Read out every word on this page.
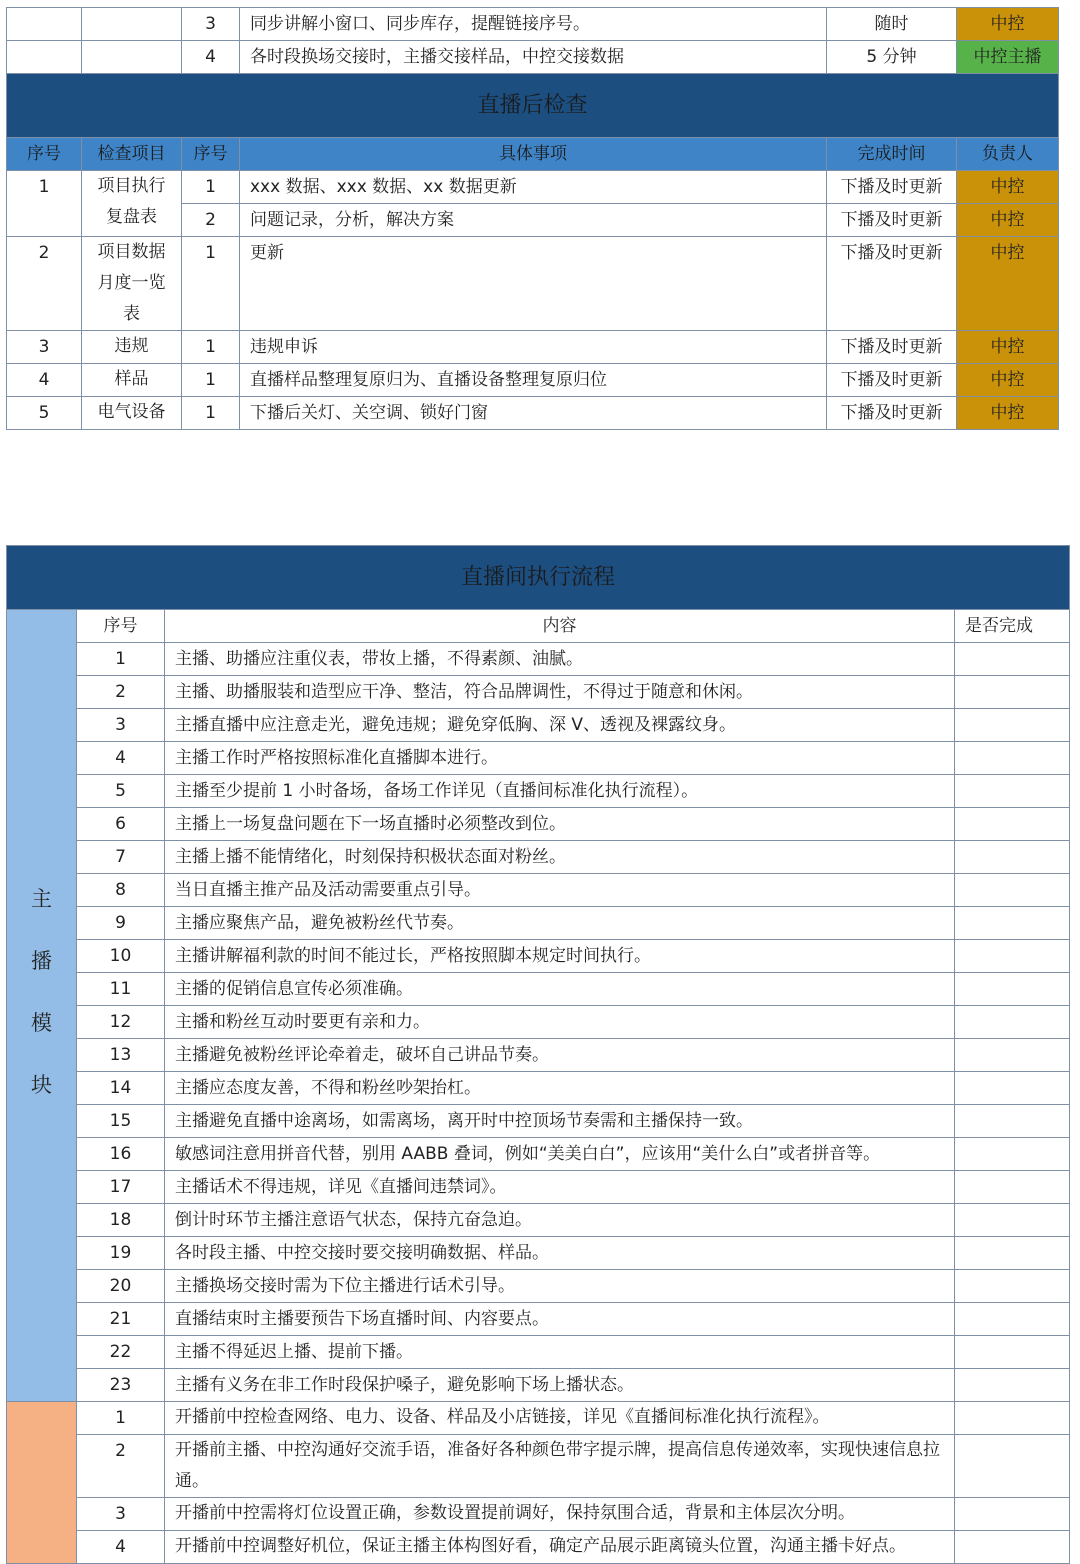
		3	同步讲解小窗口、同步库存，提醒链接序号。	随时	中控
		4	各时段换场交接时，主播交接样品，中控交接数据	5 分钟	中控主播
直播后检查					
序号	检查项目	序号	具体事项	完成时间	负责人
1	项目执行复盘表	1	xxx 数据、xxx 数据、xx 数据更新	下播及时更新	中控
		2	问题记录，分析，解决方案	下播及时更新	中控
2	项目数据月度一览表	1	更新	下播及时更新	中控
3	违规	1	违规申诉	下播及时更新	中控
4	样品	1	直播样品整理复原归为、直播设备整理复原归位	下播及时更新	中控
5	电气设备	1	下播后关灯、关空调、锁好门窗	下播及时更新	中控
直播间执行流程			

主
播
模
块	序号	内容	是否完成
	1	主播、助播应注重仪表，带妆上播，不得素颜、油腻。	
	2	主播、助播服装和造型应干净、整洁，符合品牌调性，不得过于随意和休闲。	
	3	主播直播中应注意走光，避免违规；避免穿低胸、深 V、透视及裸露纹身。	
	4	主播工作时严格按照标准化直播脚本进行。	
	5	主播至少提前 1 小时备场，备场工作详见（直播间标准化执行流程）。	
	6	主播上一场复盘问题在下一场直播时必须整改到位。	
	7	主播上播不能情绪化，时刻保持积极状态面对粉丝。	
	8	当日直播主推产品及活动需要重点引导。	
	9	主播应聚焦产品，避免被粉丝代节奏。	
	10	主播讲解福利款的时间不能过长，严格按照脚本规定时间执行。	
	11	主播的促销信息宣传必须准确。	
	12	主播和粉丝互动时要更有亲和力。	
	13	主播避免被粉丝评论牵着走，破坏自己讲品节奏。	
	14	主播应态度友善，不得和粉丝吵架抬杠。	
	15	主播避免直播中途离场，如需离场，离开时中控顶场节奏需和主播保持一致。	
	16	敏感词注意用拼音代替，别用 AABB 叠词，例如“美美白白”，应该用“美什么白”或者拼音等。	
	17	主播话术不得违规，详见《直播间违禁词》。	
	18	倒计时环节主播注意语气状态，保持亢奋急迫。	
	19	各时段主播、中控交接时要交接明确数据、样品。	
	20	主播换场交接时需为下位主播进行话术引导。	
	21	直播结束时主播要预告下场直播时间、内容要点。	
	22	主播不得延迟上播、提前下播。	
	23	主播有义务在非工作时段保护嗓子，避免影响下场上播状态。	
	1	开播前中控检查网络、电力、设备、样品及小店链接，详见《直播间标准化执行流程》。	
	2	开播前主播、中控沟通好交流手语，准备好各种颜色带字提示牌，提高信息传递效率，实现快速信息拉通。	
	3	开播前中控需将灯位设置正确，参数设置提前调好，保持氛围合适，背景和主体层次分明。	
	4	开播前中控调整好机位，保证主播主体构图好看，确定产品展示距离镜头位置，沟通主播卡好点。	
